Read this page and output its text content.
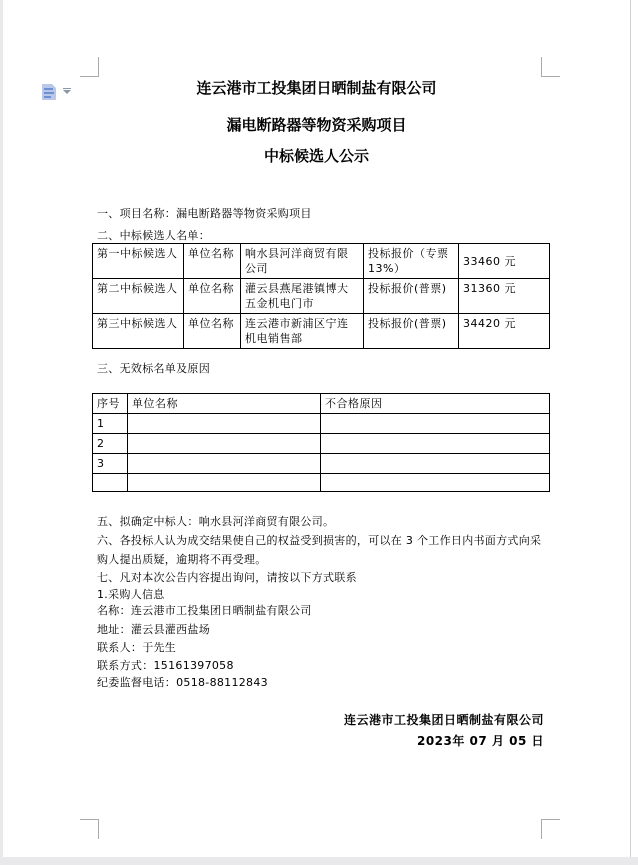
连云港市工投集团日晒制盐有限公司
漏电断路器等物资采购项目
中标候选人公示
一、项目名称：漏电断路器等物资采购项目
二、中标候选人名单：
第一中标候选人	单位名称	响水县河洋商贸有限公司	投标报价（专票13%）	33460 元
第二中标候选人	单位名称	灌云县燕尾港镇博大五金机电门市	投标报价(普票)	31360 元
第三中标候选人	单位名称	连云港市新浦区宁连机电销售部	投标报价(普票)	34420 元
三、无效标名单及原因
序号	单位名称	不合格原因
1		
2		
3		

五、拟确定中标人：响水县河洋商贸有限公司。
六、各投标人认为成交结果使自己的权益受到损害的，可以在 3 个工作日内书面方式向采购人提出质疑，逾期将不再受理。
七、凡对本次公告内容提出询问，请按以下方式联系
1.采购人信息
名称：连云港市工投集团日晒制盐有限公司
地址：灌云县灌西盐场
联系人：于先生
联系方式：15161397058
纪委监督电话：0518-88112843
连云港市工投集团日晒制盐有限公司
2023年 07 月 05 日
